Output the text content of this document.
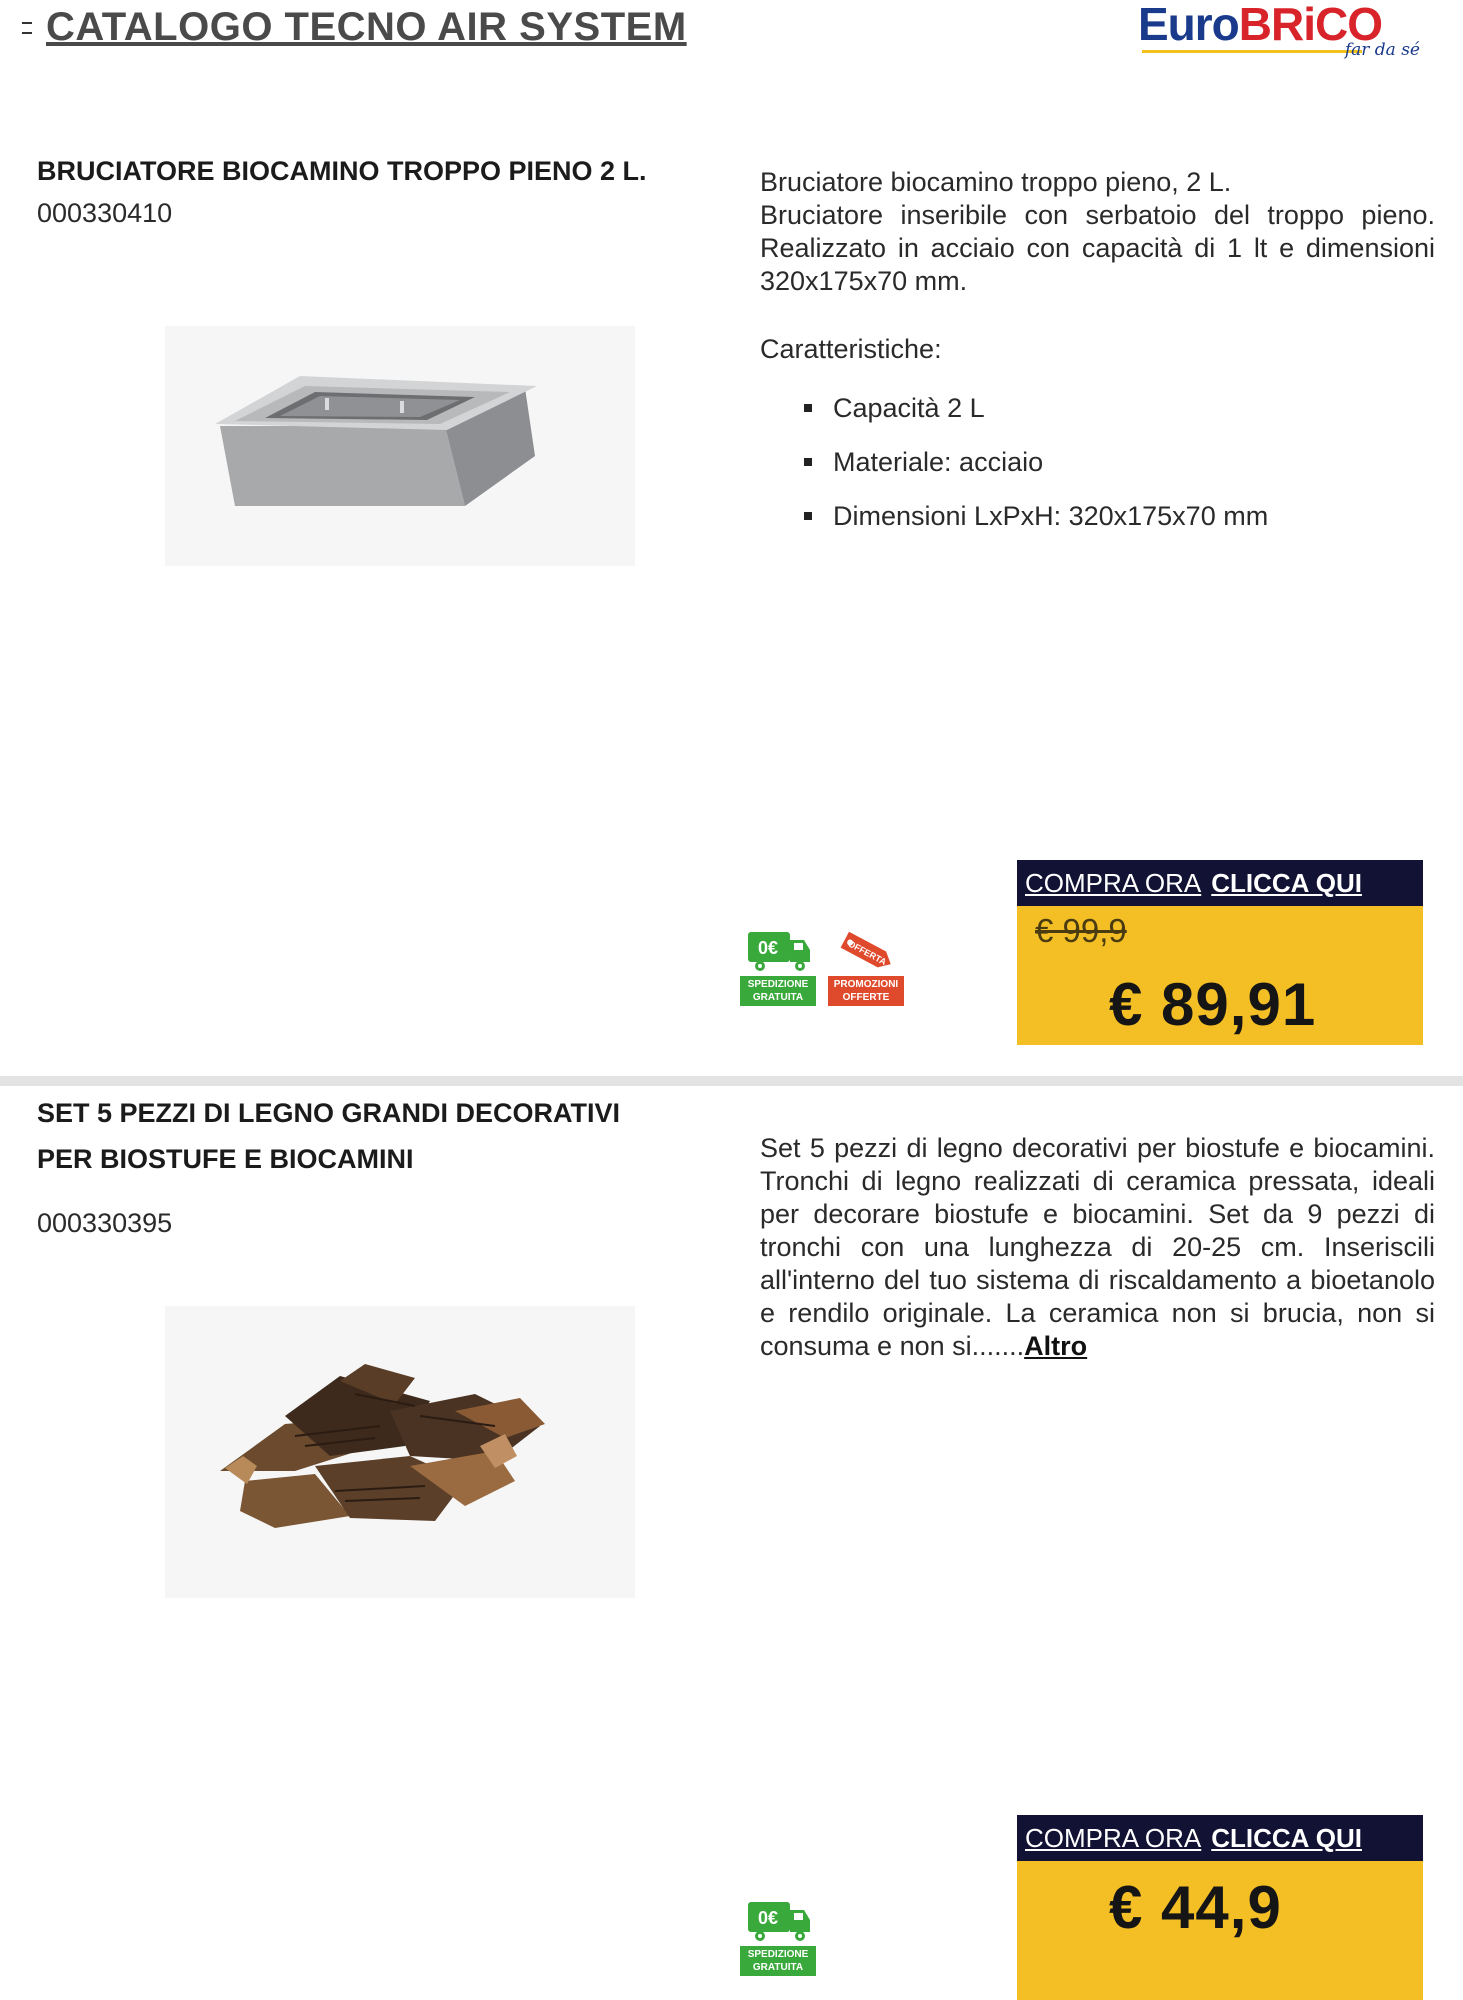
CATALOGO TECNO AIR SYSTEM	EuroBRiCO
far da sé
BRUCIATORE BIOCAMINO TROPPO PIENO 2 L.
000330410

Bruciatore biocamino troppo pieno, 2 L.

Bruciatore inseribile con serbatoio del troppo pieno. Realizzato in acciaio con capacità di 1 lt e dimensioni 320x175x70 mm.

Caratteristiche:
Capacità 2 L
Materiale: acciaio
Dimensioni LxPxH: 320x175x70 mm
0€
SPEDIZIONE
GRATUITA
OFFERTA
PROMOZIONI
OFFERTE
COMPRA ORA CLICCA QUI
€ 99,9
€ 89,91
SET 5 PEZZI DI LEGNO GRANDI DECORATIVI PER BIOSTUFE E BIOCAMINI
000330395

Set 5 pezzi di legno decorativi per biostufe e biocamini. Tronchi di legno realizzati di ceramica pressata, ideali per decorare biostufe e biocamini. Set da 9 pezzi di tronchi con una lunghezza di 20-25 cm. Inseriscili all'interno del tuo sistema di riscaldamento a bioetanolo e rendilo originale. La ceramica non si brucia, non si consuma e non si.......Altro

0€
SPEDIZIONE
GRATUITA
COMPRA ORA CLICCA QUI
€ 44,9
